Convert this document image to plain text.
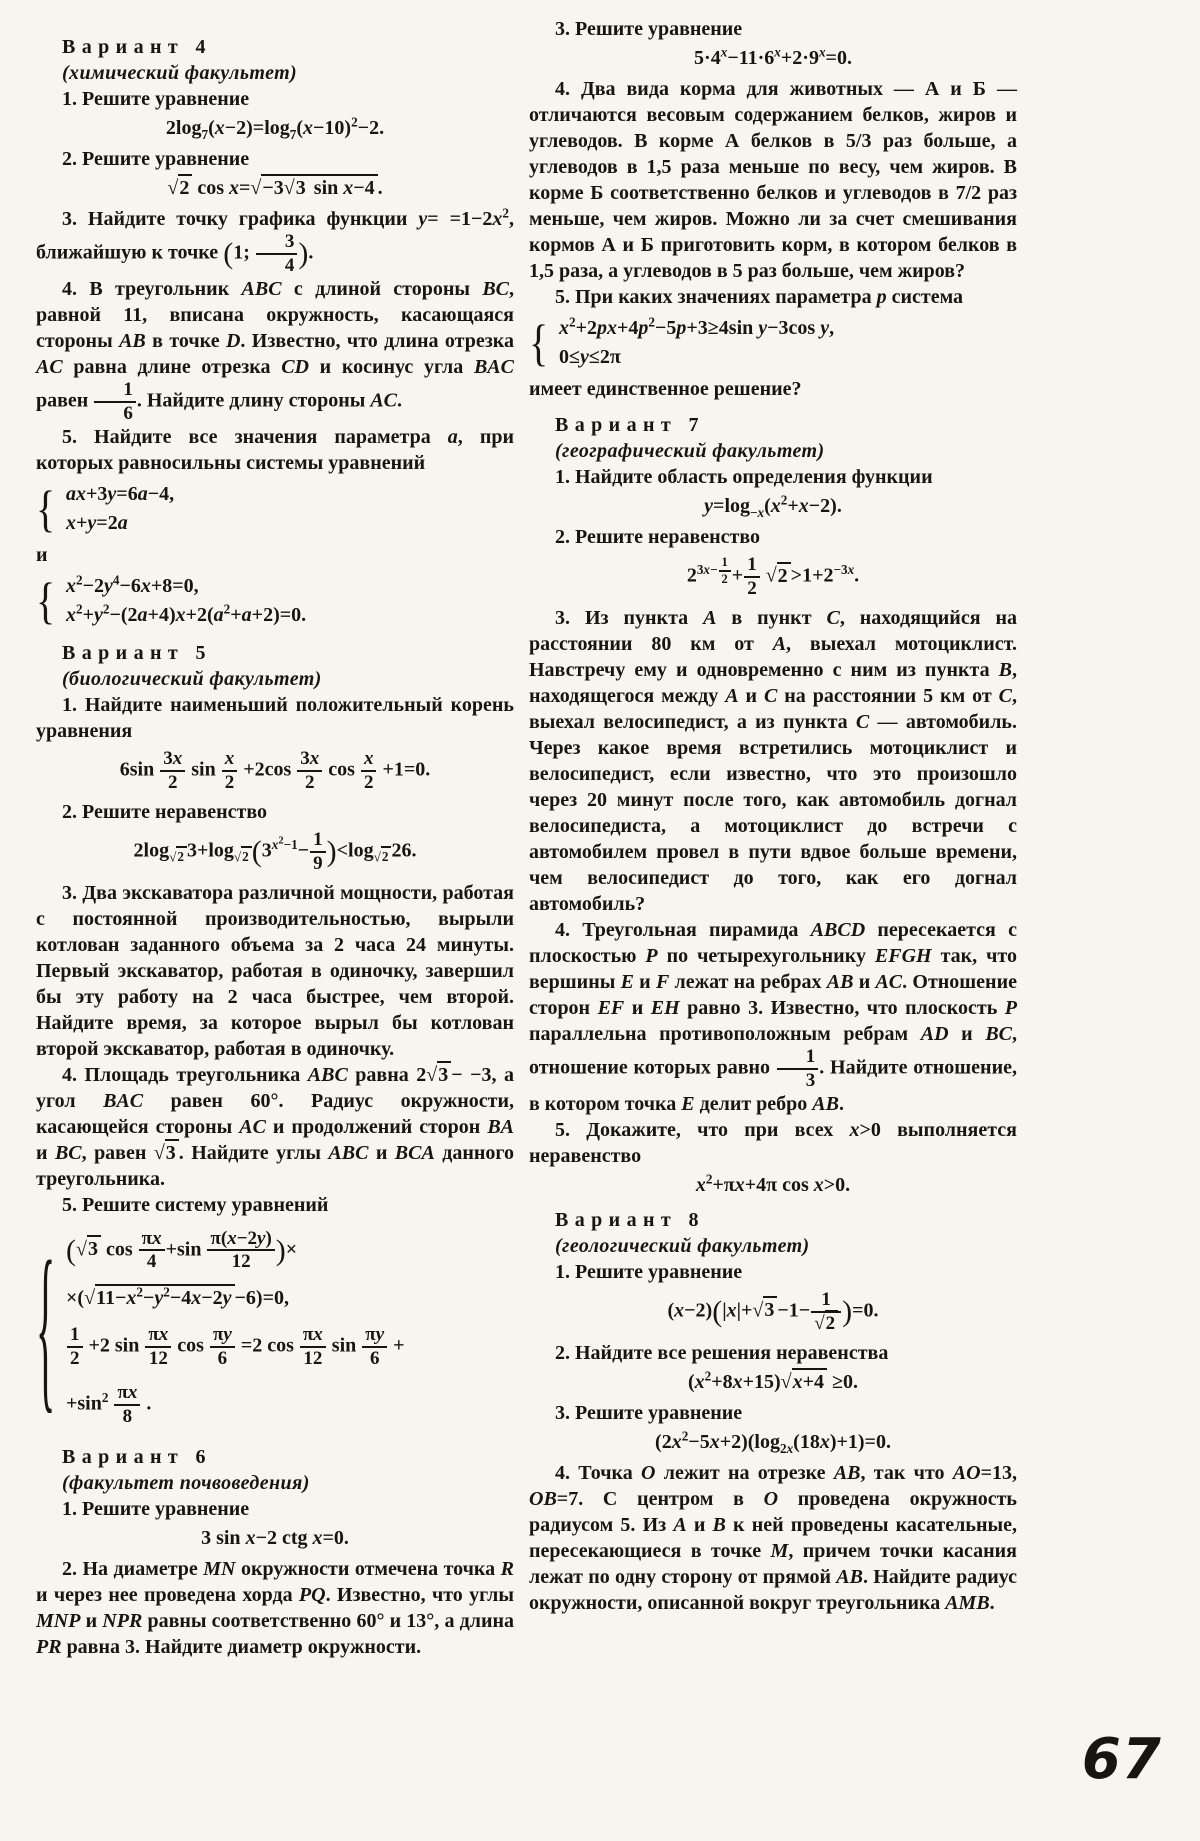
Вариант 4
(химический факультет)

1. Решите уравнение

$2\log_7(x-2)=\log_7(x-10)^2-2$.

2. Решите уравнение

√2 cos x=√−3√3 sin x−4 .

3. Найдите точку графика функции $y= =1-2x^2$, ближайшую к точке (1; $\frac{3}{4}$ ).

4. В треугольник ABC с длиной стороны BC, равной 11, вписана окружность, касающаяся стороны AB в точке D. Известно, что длина отрезка AC равна длине отрезка CD и косинус угла BAC равен $\frac{1}{6}$ . Найдите длину стороны AC.

5. Найдите все значения параметра a, при которых равносильны системы уравнений

{ ax+3y=6a−4,
x+y=2a

и

{ $x^2-2y^4-6x+8=0$,
$x^2+y^2-(2a+4)x+2(a^2+a+2)=0$.
Вариант 5
(биологический факультет)

1. Найдите наименьший положительный корень уравнения

$6\sin \frac{3x}{2}$ $\sin \frac{x}{2} +2\cos \frac{3x}{2}$ $\cos \frac{x}{2} +1=0$.

2. Решите неравенство

$2\log_{√2}$ $3+\log_{√2}$ $(3^{x^2-1}- \frac{1}{9} )<\log_{√2}$ 26.

3. Два экскаватора различной мощности, работая с постоянной производительностью, вырыли котлован заданного объема за 2 часа 24 минуты. Первый экскаватор, работая в одиночку, завершил бы эту работу на 2 часа быстрее, чем второй. Найдите время, за которое вырыл бы котлован второй экскаватор, работая в одиночку.

4. Площадь треугольника ABC равна 2√3 − −3, а угол BAC равен 60°. Радиус окружности, касающейся стороны AC и продолжений сторон BA и BC, равен √3 . Найдите углы ABC и BCA данного треугольника.

5. Решите систему уравнений

{ (√3 $\cos \frac{\pi x}{4} +\sin \frac{\pi(x-2y)}{12}$ )×
$\times(√11-x^2-y^2-4x-2y -6)=0$,
$\frac{1}{2} +2$ $\sin \frac{\pi x}{12}$ $\cos \frac{\pi y}{6} =2$ $\cos \frac{\pi x}{12}$ $\sin \frac{\pi y}{6}$ +
$+\sin^2 \frac{\pi x}{8}$ .
Вариант 6
(факультет почвоведения)

1. Решите уравнение

3 sin x−2 ctg x=0.

2. На диаметре MN окружности отмечена точка R и через нее проведена хорда PQ. Известно, что углы MNP и NPR равны соответственно 60° и 13°, а длина PR равна 3. Найдите диаметр окружности.

3. Решите уравнение

$5\cdot 4^x-11\cdot 6^x+2\cdot 9^x=0$.

4. Два вида корма для животных — А и Б — отличаются весовым содержанием белков, жиров и углеводов. В корме А белков в 5/3 раз больше, а углеводов в 1,5 раза меньше по весу, чем жиров. В корме Б соответственно белков и углеводов в 7/2 раз меньше, чем жиров. Можно ли за счет смешивания кормов А и Б приготовить корм, в котором белков в 1,5 раза, а углеводов в 5 раз больше, чем жиров?

5. При каких значениях параметра p система

{ $x^2+2px+4p^2-5p+3\ge 4\sin$ y−3cos y,
0≤y≤2π

имеет единственное решение?

Вариант 7
(географический факультет)

1. Найдите область определения функции

$y=\log_{-x}(x^2+x-2)$.

2. Решите неравенство

$2^{3x- \frac{1}{2}} + \frac{1}{2} √2 >1+2^{-3x}$.

3. Из пункта A в пункт C, находящийся на расстоянии 80 км от A, выехал мотоциклист. Навстречу ему и одновременно с ним из пункта B, находящегося между A и C на расстоянии 5 км от C, выехал велосипедист, а из пункта C — автомобиль. Через какое время встретились мотоциклист и велосипедист, если известно, что это произошло через 20 минут после того, как автомобиль догнал велосипедиста, а мотоциклист до встречи с автомобилем провел в пути вдвое больше времени, чем велосипедист до того, как его догнал автомобиль?

4. Треугольная пирамида ABCD пересекается с плоскостью P по четырехугольнику EFGH так, что вершины E и F лежат на ребрах AB и AC. Отношение сторон EF и EH равно 3. Известно, что плоскость P параллельна противоположным ребрам AD и BC, отношение которых равно $\frac{1}{3}$ . Найдите отношение, в котором точка E делит ребро AB.

5. Докажите, что при всех x>0 выполняется неравенство

$x^2+\pi x+4\pi$ cos x>0.
Вариант 8
(геологический факультет)

1. Решите уравнение

$(x-2)(|x|+√3 -1- \frac{1}{√2} )=0$.

2. Найдите все решения неравенства

$(x^2+8x+15)√x+4 \ge 0$.

3. Решите уравнение

$(2x^2-5x+2)(\log_{2x}(18x)+1)=0$.

4. Точка O лежит на отрезке AB, так что AO=13, OB=7. С центром в O проведена окружность радиусом 5. Из A и B к ней проведены касательные, пересекающиеся в точке M, причем точки касания лежат по одну сторону от прямой AB. Найдите радиус окружности, описанной вокруг треугольника AMB.

67
